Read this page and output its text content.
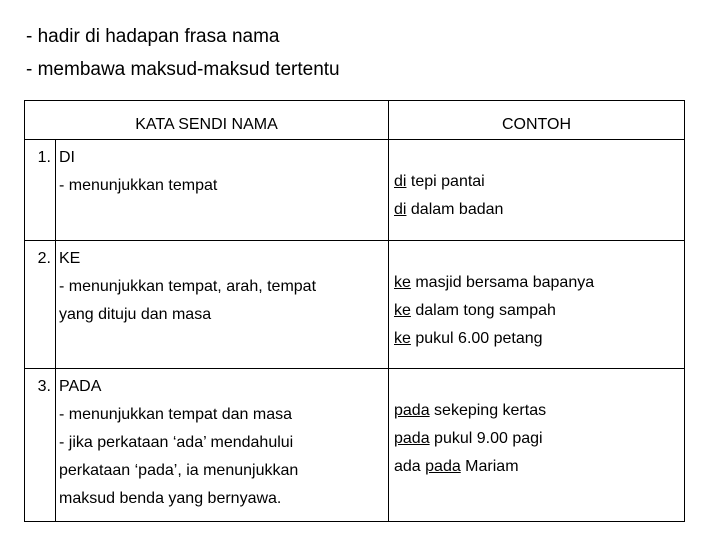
- hadir di hadapan frasa nama
- membawa maksud-maksud tertentu
KATA SENDI NAMA		CONTOH
1.	DI
- menunjukkan tempat	di tepi pantai
di dalam badan

2.	KE
- menunjukkan tempat, arah, tempat
yang dituju dan masa	ke masjid bersama bapanya
ke dalam tong sampah
ke pukul 6.00 petang

3.	PADA
- menunjukkan tempat dan masa
- jika perkataan ‘ada’ mendahului
perkataan ‘pada’, ia menunjukkan
maksud benda yang bernyawa.	pada sekeping kertas
pada pukul 9.00 pagi
ada pada Mariam
